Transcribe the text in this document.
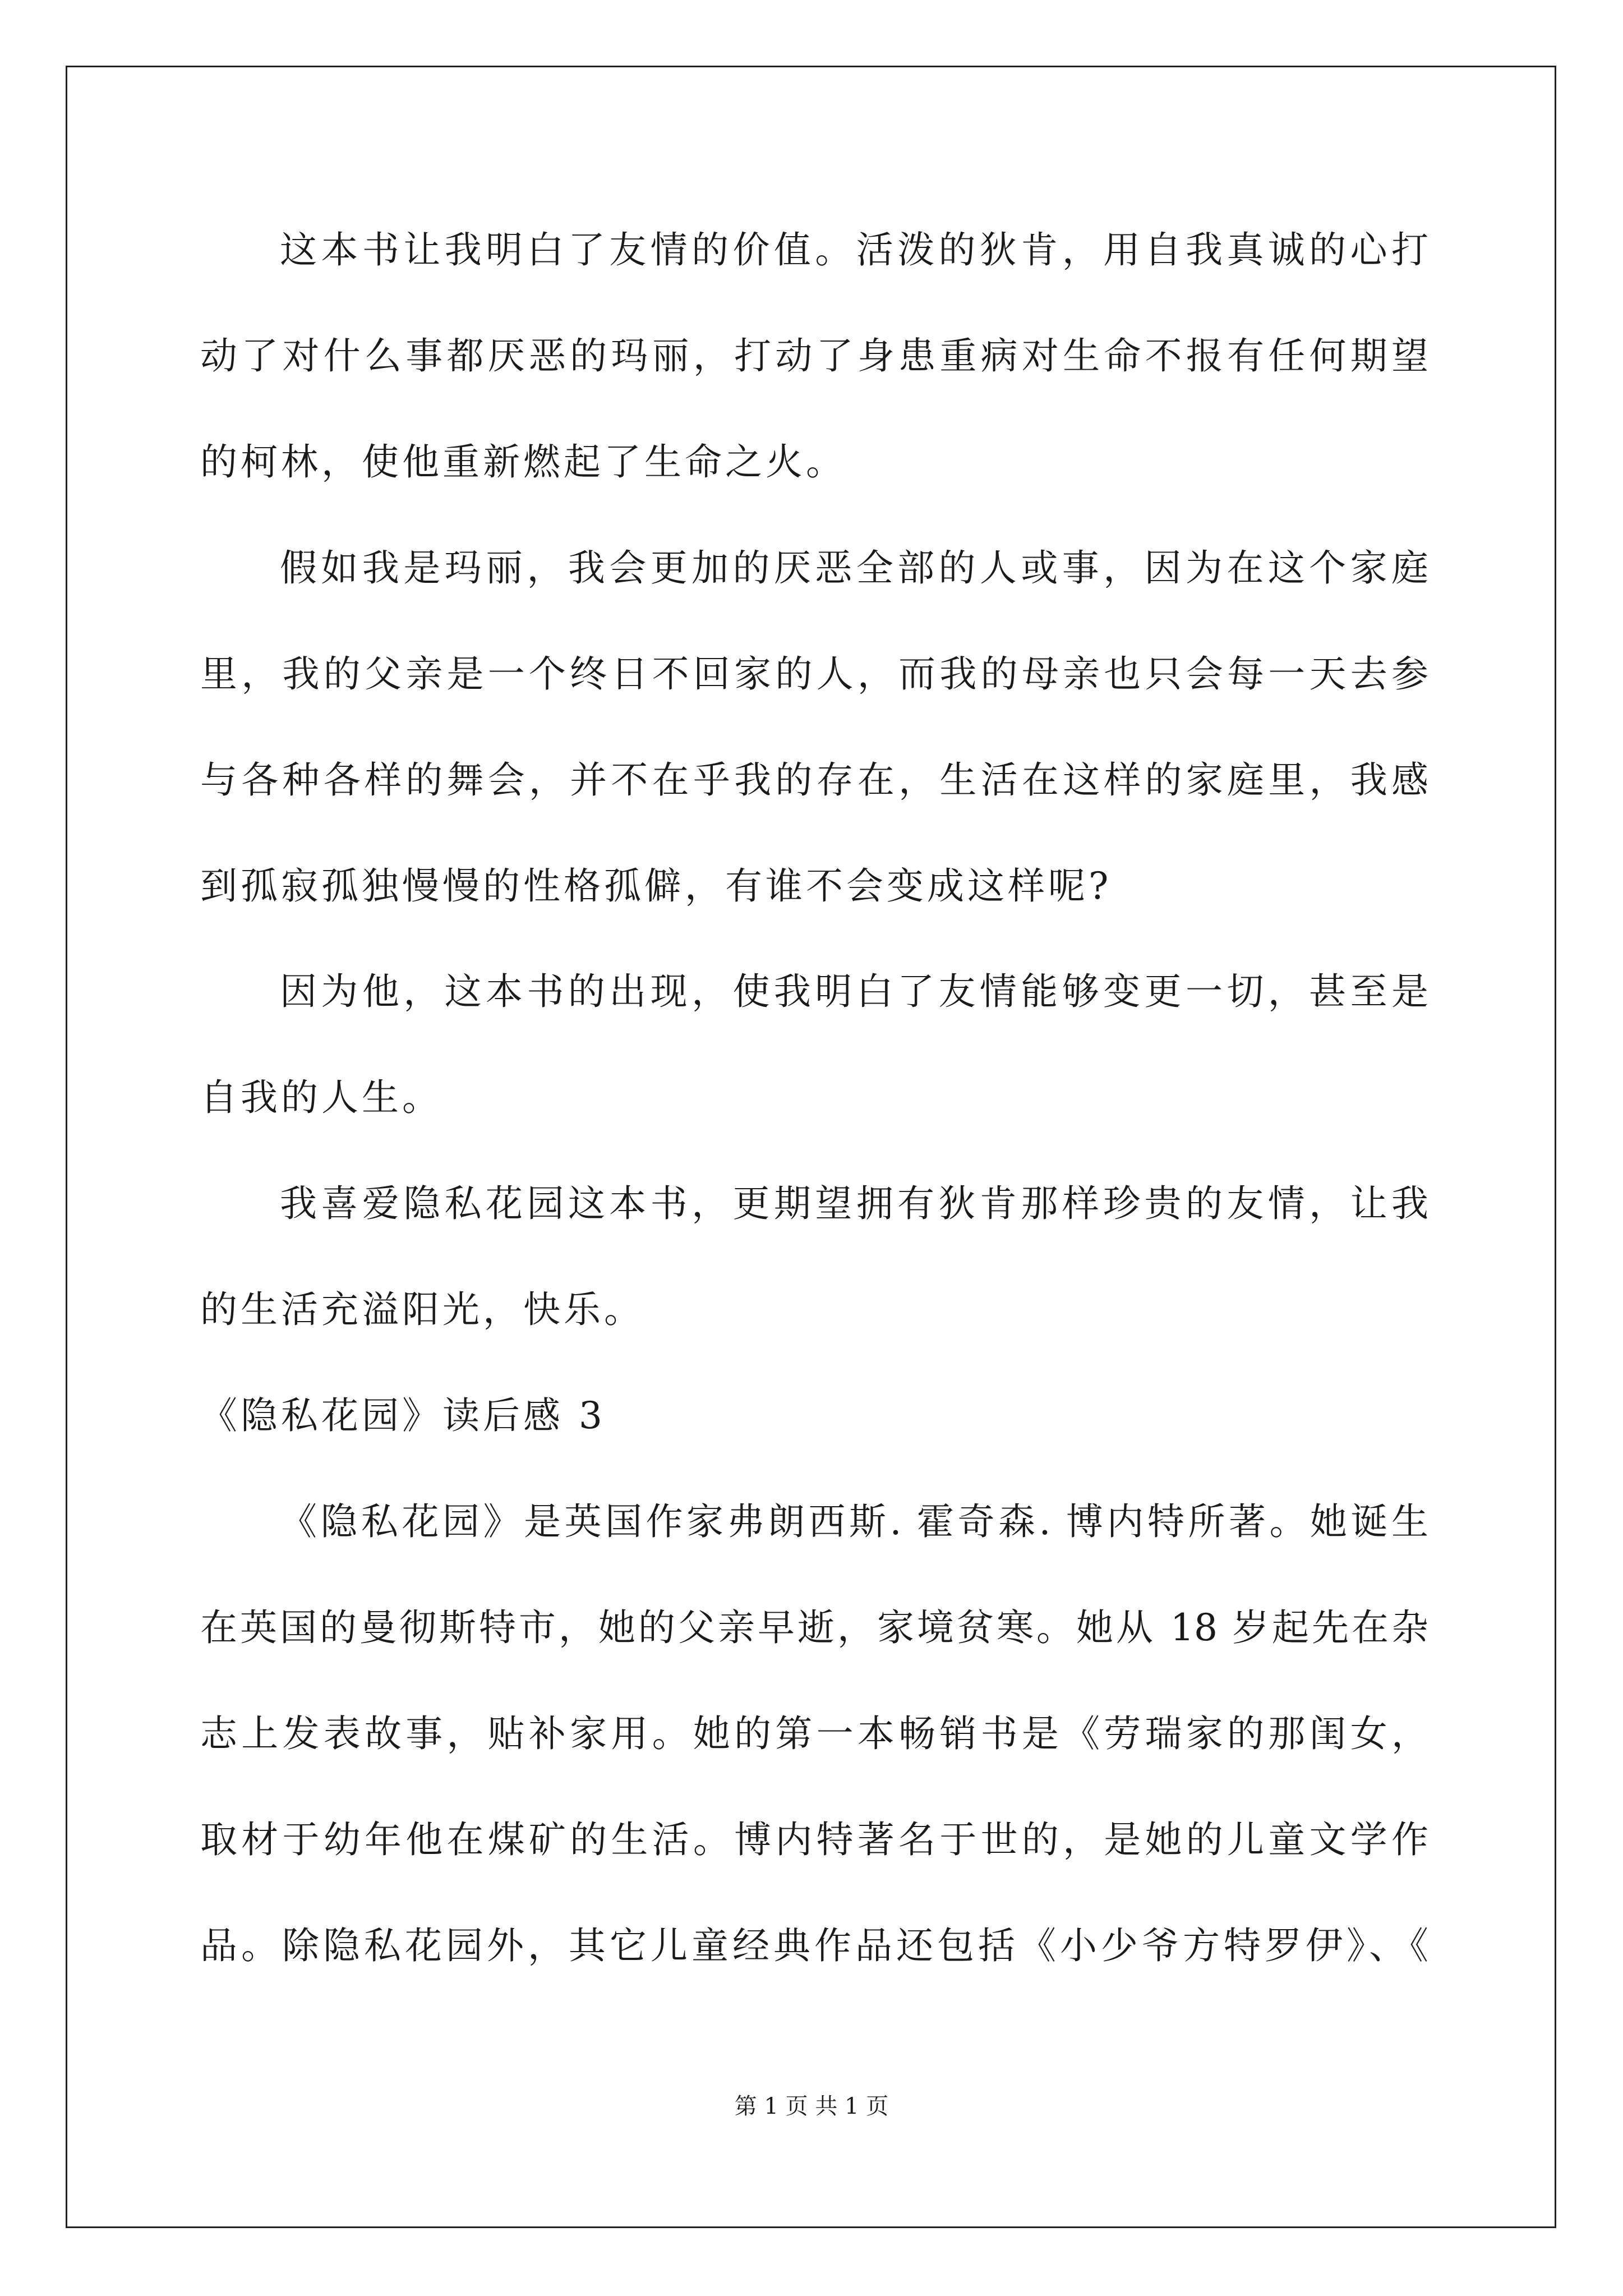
这本书让我明白了友情的价值。活泼的狄肯，用自我真诚的心打
动了对什么事都厌恶的玛丽，打动了身患重病对生命不报有任何期望
的柯林，使他重新燃起了生命之火。
假如我是玛丽，我会更加的厌恶全部的人或事，因为在这个家庭
里，我的父亲是一个终日不回家的人，而我的母亲也只会每一天去参
与各种各样的舞会，并不在乎我的存在，生活在这样的家庭里，我感
到孤寂孤独慢慢的性格孤僻，有谁不会变成这样呢?
因为他，这本书的出现，使我明白了友情能够变更一切，甚至是
自我的人生。
我喜爱隐私花园这本书，更期望拥有狄肯那样珍贵的友情，让我
的生活充溢阳光，快乐。
《隐私花园》读后感 3
《隐私花园》是英国作家弗朗西斯. 霍奇森. 博内特所著。她诞生
在英国的曼彻斯特市，她的父亲早逝，家境贫寒。她从 18 岁起先在杂
志上发表故事，贴补家用。她的第一本畅销书是《劳瑞家的那闺女，
取材于幼年他在煤矿的生活。博内特著名于世的，是她的儿童文学作
品。除隐私花园外，其它儿童经典作品还包括《小少爷方特罗伊》、《
第 1 页 共 1 页
